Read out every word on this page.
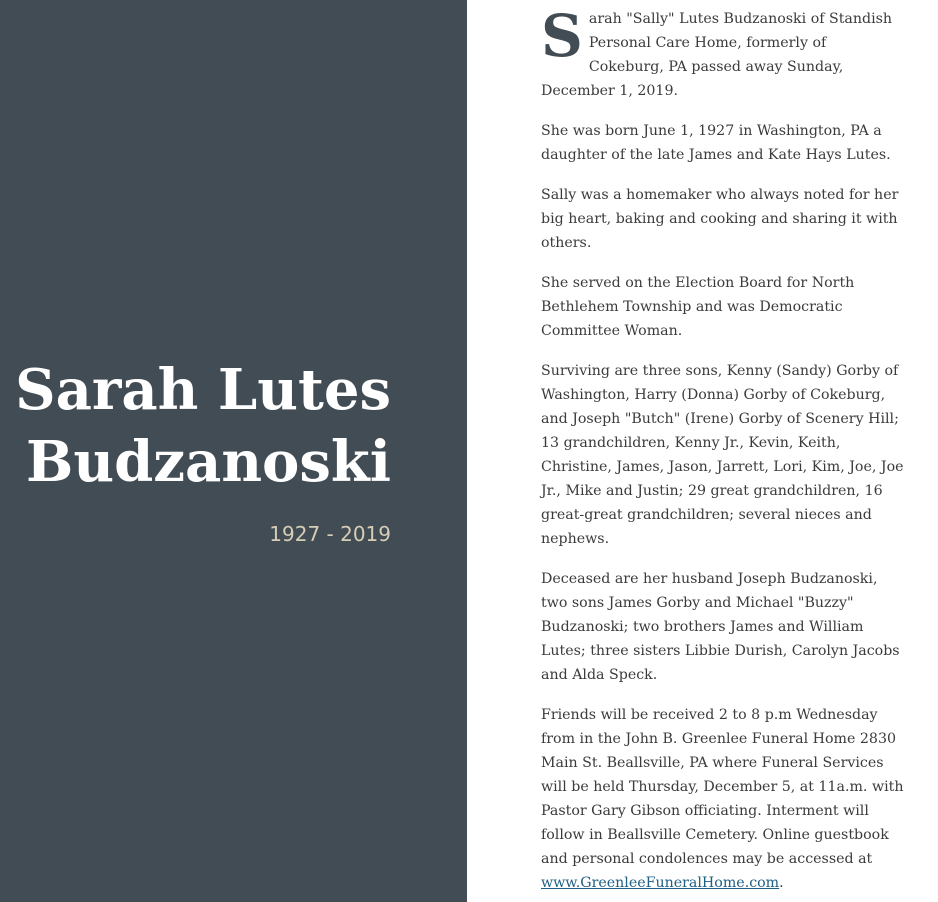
Sarah Lutes
Budzanoski
1927 - 2019

Sarah "Sally" Lutes Budzanoski of Standish Personal Care Home, formerly of Cokeburg, PA passed away Sunday, December 1, 2019.

She was born June 1, 1927 in Washington, PA a daughter of the late James and Kate Hays Lutes.

Sally was a homemaker who always noted for her big heart, baking and cooking and sharing it with others.

She served on the Election Board for North Bethlehem Township and was Democratic Committee Woman.

Surviving are three sons, Kenny (Sandy) Gorby of Washington, Harry (Donna) Gorby of Cokeburg, and Joseph "Butch" (Irene) Gorby of Scenery Hill; 13 grandchildren, Kenny Jr., Kevin, Keith, Christine, James, Jason, Jarrett, Lori, Kim, Joe, Joe Jr., Mike and Justin; 29 great grandchildren, 16 great-great grandchildren; several nieces and nephews.

Deceased are her husband Joseph Budzanoski, two sons James Gorby and Michael "Buzzy" Budzanoski; two brothers James and William Lutes; three sisters Libbie Durish, Carolyn Jacobs and Alda Speck.

Friends will be received 2 to 8 p.m Wednesday from in the John B. Greenlee Funeral Home 2830 Main St. Beallsville, PA where Funeral Services will be held Thursday, December 5, at 11a.m. with Pastor Gary Gibson officiating. Interment will follow in Beallsville Cemetery. Online guestbook and personal condolences may be accessed at www.GreenleeFuneralHome.com.
